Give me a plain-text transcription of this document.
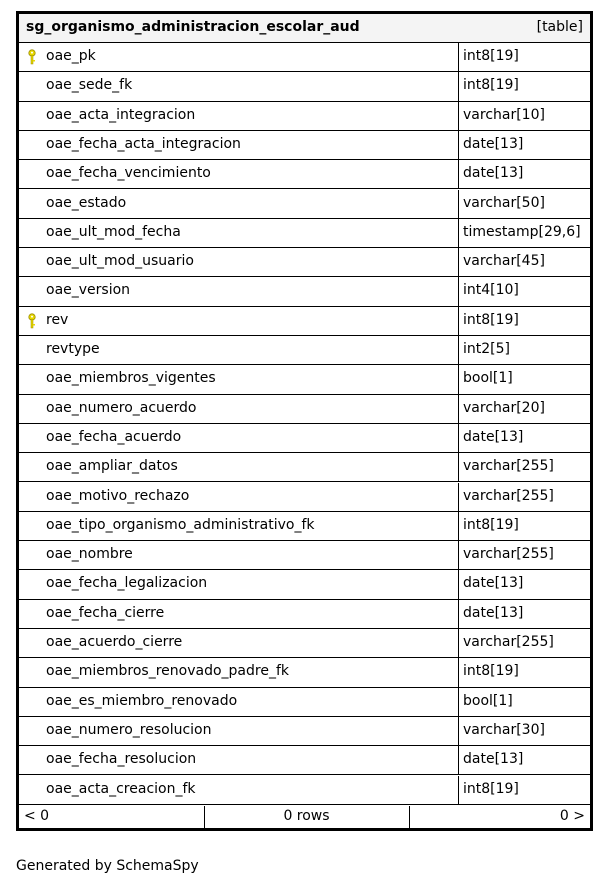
sg_organismo_administracion_escolar_aud	[table]
oae_pk	int8[19]
oae_sede_fk	int8[19]
oae_acta_integracion	varchar[10]
oae_fecha_acta_integracion	date[13]
oae_fecha_vencimiento	date[13]
oae_estado	varchar[50]
oae_ult_mod_fecha	timestamp[29,6]
oae_ult_mod_usuario	varchar[45]
oae_version	int4[10]
rev	int8[19]
revtype	int2[5]
oae_miembros_vigentes	bool[1]
oae_numero_acuerdo	varchar[20]
oae_fecha_acuerdo	date[13]
oae_ampliar_datos	varchar[255]
oae_motivo_rechazo	varchar[255]
oae_tipo_organismo_administrativo_fk	int8[19]
oae_nombre	varchar[255]
oae_fecha_legalizacion	date[13]
oae_fecha_cierre	date[13]
oae_acuerdo_cierre	varchar[255]
oae_miembros_renovado_padre_fk	int8[19]
oae_es_miembro_renovado	bool[1]
oae_numero_resolucion	varchar[30]
oae_fecha_resolucion	date[13]
oae_acta_creacion_fk	int8[19]
< 0	0 rows	0 >
Generated by SchemaSpy
